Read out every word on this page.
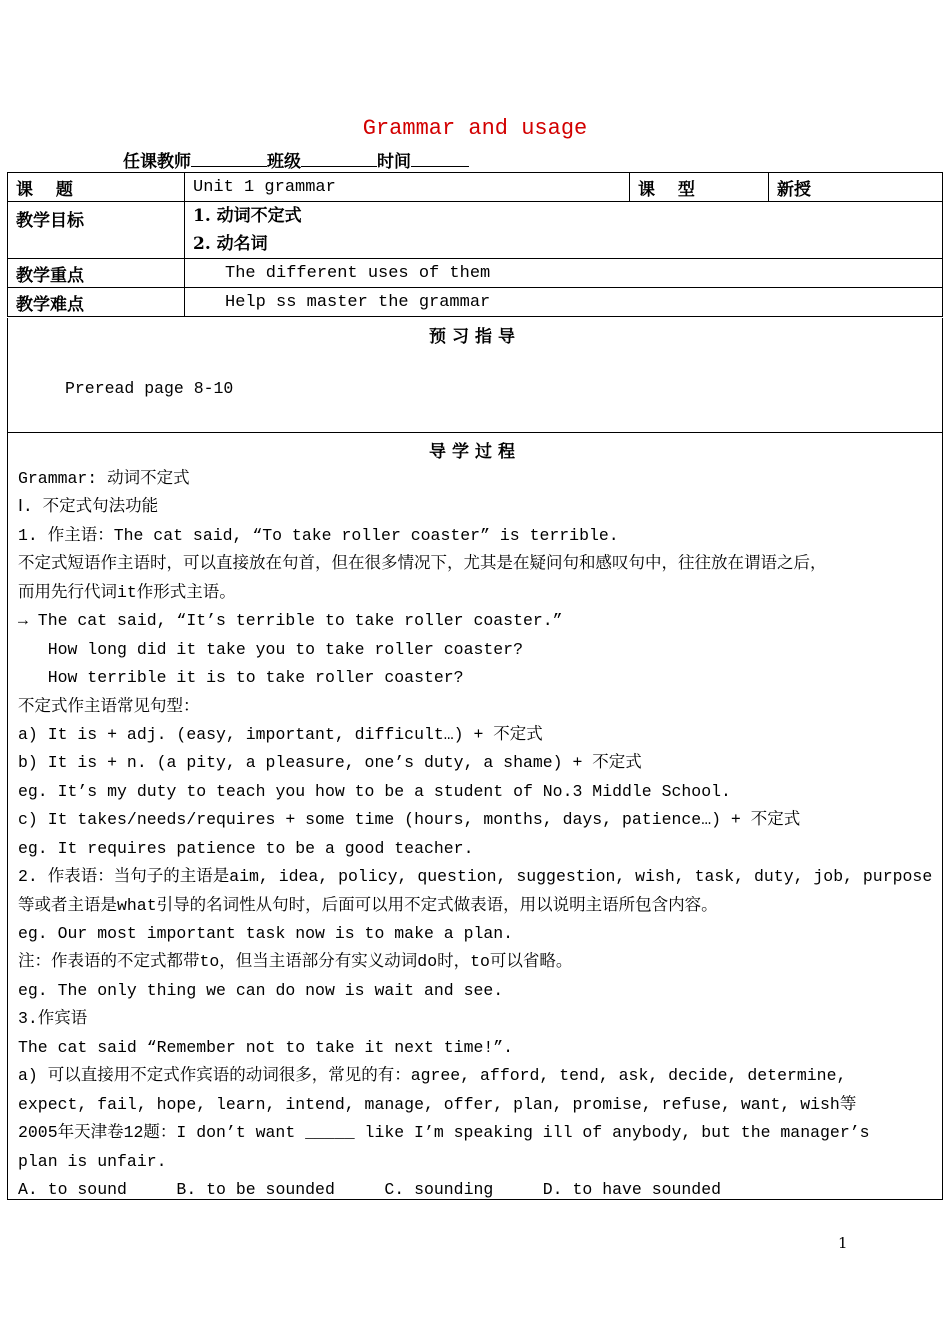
Grammar and usage
任课教师	班级	时间
课　 题	Unit 1 grammar	课　 型	新授
教学目标	1. 动词不定式
2. 动名词		

教学重点	The different uses of them		
教学难点	Help ss master the grammar		
预习指导
Preread page 8-10
导学过程
Grammar: 动词不定式
Ⅰ. 不定式句法功能
1. 作主语：The cat said, “To take roller coaster” is terrible.
不定式短语作主语时，可以直接放在句首，但在很多情况下，尤其是在疑问句和感叹句中，往往放在谓语之后，
而用先行代词it作形式主语。
→ The cat said, “It’s terrible to take roller coaster.”
How long did it take you to take roller coaster?
How terrible it is to take roller coaster?
不定式作主语常见句型：
a) It is + adj. (easy, important, difficult…) + 不定式
b) It is + n. (a pity, a pleasure, one’s duty, a shame) + 不定式
eg. It’s my duty to teach you how to be a student of No.3 Middle School.
c) It takes/needs/requires + some time (hours, months, days, patience…) + 不定式
eg. It requires patience to be a good teacher.
2. 作表语：当句子的主语是aim, idea, policy, question, suggestion, wish, task, duty, job, purpose
等或者主语是what引导的名词性从句时，后面可以用不定式做表语，用以说明主语所包含内容。
eg. Our most important task now is to make a plan.
注：作表语的不定式都带to，但当主语部分有实义动词do时，to可以省略。
eg. The only thing we can do now is wait and see.
3.作宾语
The cat said “Remember not to take it next time!”.
a) 可以直接用不定式作宾语的动词很多，常见的有：agree, afford, tend, ask, decide, determine,
expect, fail, hope, learn, intend, manage, offer, plan, promise, refuse, want, wish等
2005年天津卷12题：I don’t want _____ like I’m speaking ill of anybody, but the manager’s
plan is unfair.
A. to sound     B. to be sounded     C. sounding     D. to have sounded
1
